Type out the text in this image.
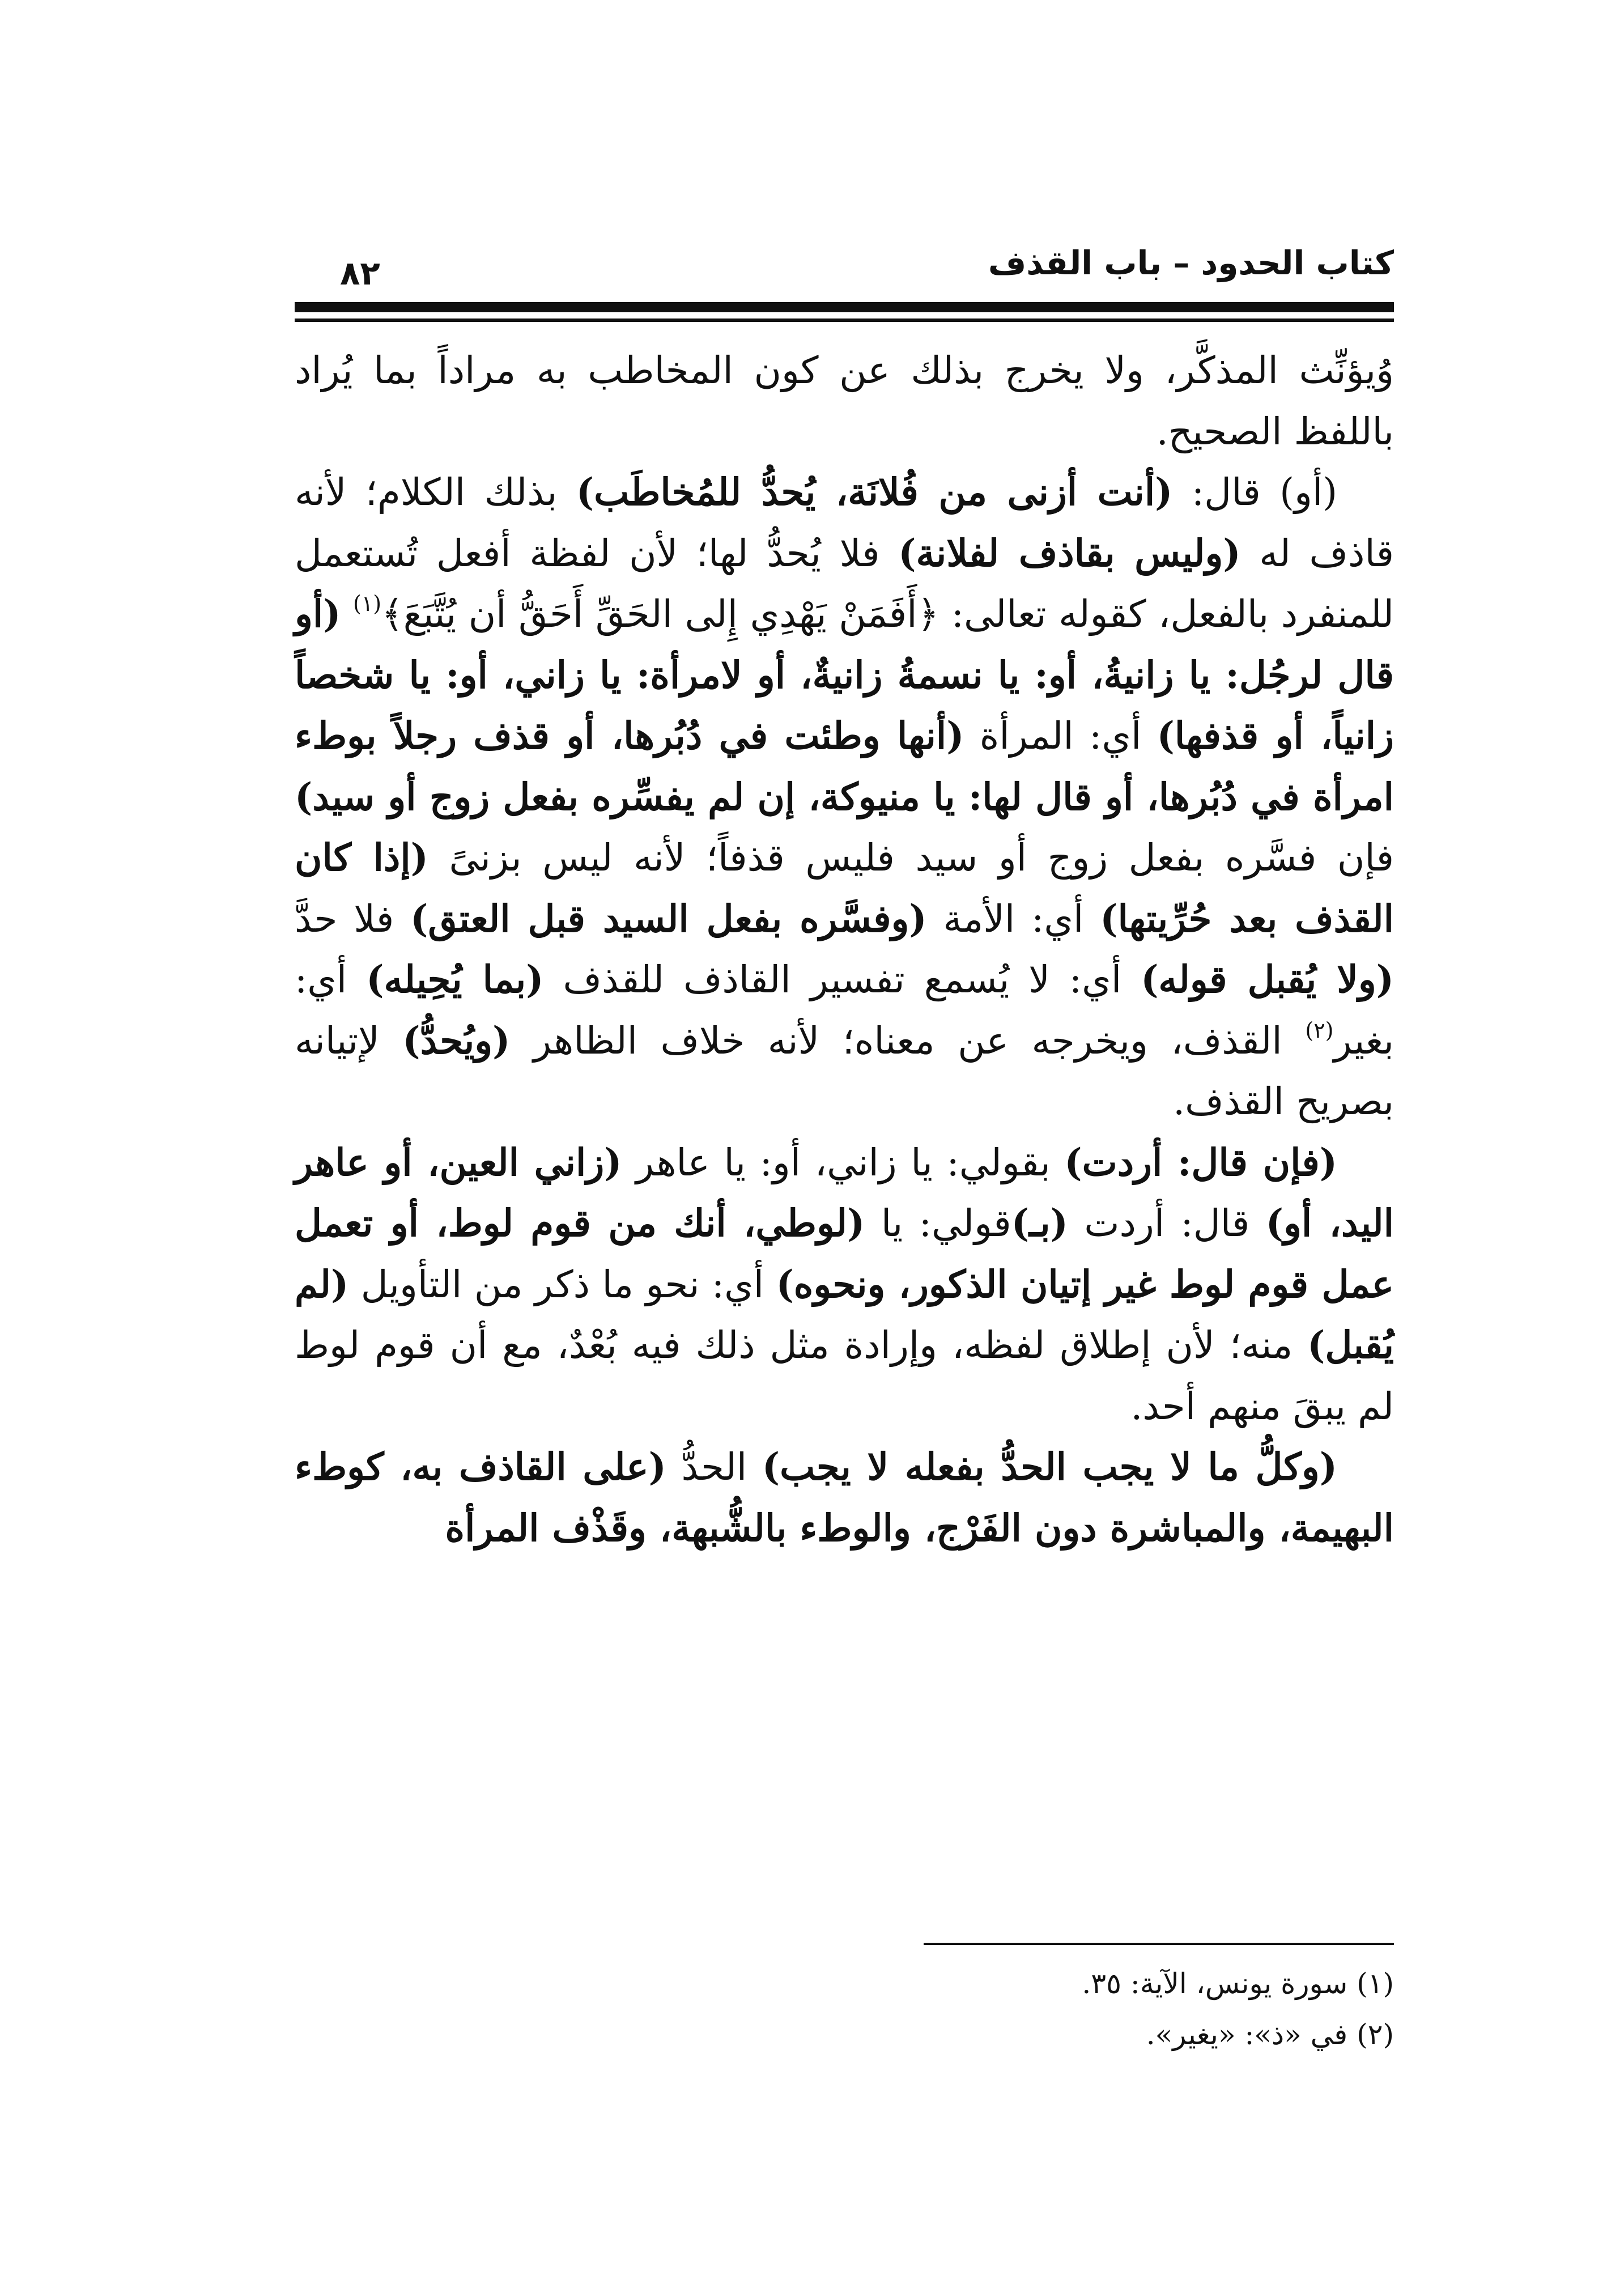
كتاب الحدود – باب القذف
٨٢

وُيؤنِّث المذكَّر، ولا يخرج بذلك عن كون المخاطب به مراداً بما يُراد باللفظ الصحيح.

(أو) قال: (أنت أزنى من فُلانَة، يُحدُّ للمُخاطَب) بذلك الكلام؛ لأنه قاذف له (وليس بقاذف لفلانة) فلا يُحدُّ لها؛ لأن لفظة أفعل تُستعمل للمنفرد بالفعل، كقوله تعالى: ﴿أَفَمَنْ يَهْدِي إِلى الحَقِّ أَحَقُّ أن يُتَّبَعَ﴾$^{(١)}$ (أو قال لرجُل: يا زانيةُ، أو: يا نسمةُ زانيةٌ، أو لامرأة: يا زاني، أو: يا شخصاً زانياً، أو قذفها) أي: المرأة (أنها وطئت في دُبُرها، أو قذف رجلاً بوطء امرأة في دُبُرها، أو قال لها: يا منيوكة، إن لم يفسِّره بفعل زوج أو سيد) فإن فسَّره بفعل زوج أو سيد فليس قذفاً؛ لأنه ليس بزنىً (إذا كان القذف بعد حُرِّيتها) أي: الأمة (وفسَّره بفعل السيد قبل العتق) فلا حدَّ (ولا يُقبل قوله) أي: لا يُسمع تفسير القاذف للقذف (بما يُحِيله) أي: بغير$^{(٢)}$ القذف، ويخرجه عن معناه؛ لأنه خلاف الظاهر (ويُحدُّ) لإتيانه بصريح القذف.

(فإن قال: أردت) بقولي: يا زاني، أو: يا عاهر (زاني العين، أو عاهر اليد، أو) قال: أردت (بـ)قولي: يا (لوطي، أنك من قوم لوط، أو تعمل عمل قوم لوط غير إتيان الذكور، ونحوه) أي: نحو ما ذكر من التأويل (لم يُقبل) منه؛ لأن إطلاق لفظه، وإرادة مثل ذلك فيه بُعْدٌ، مع أن قوم لوط لم يبقَ منهم أحد.

(وكلُّ ما لا يجب الحدُّ بفعله لا يجب) الحدُّ (على القاذف به، كوطء البهيمة، والمباشرة دون الفَرْج، والوطء بالشُّبهة، وقَذْف المرأة

(١) سورة يونس، الآية: ٣٥.

(٢) في «ذ»: «يغير».
